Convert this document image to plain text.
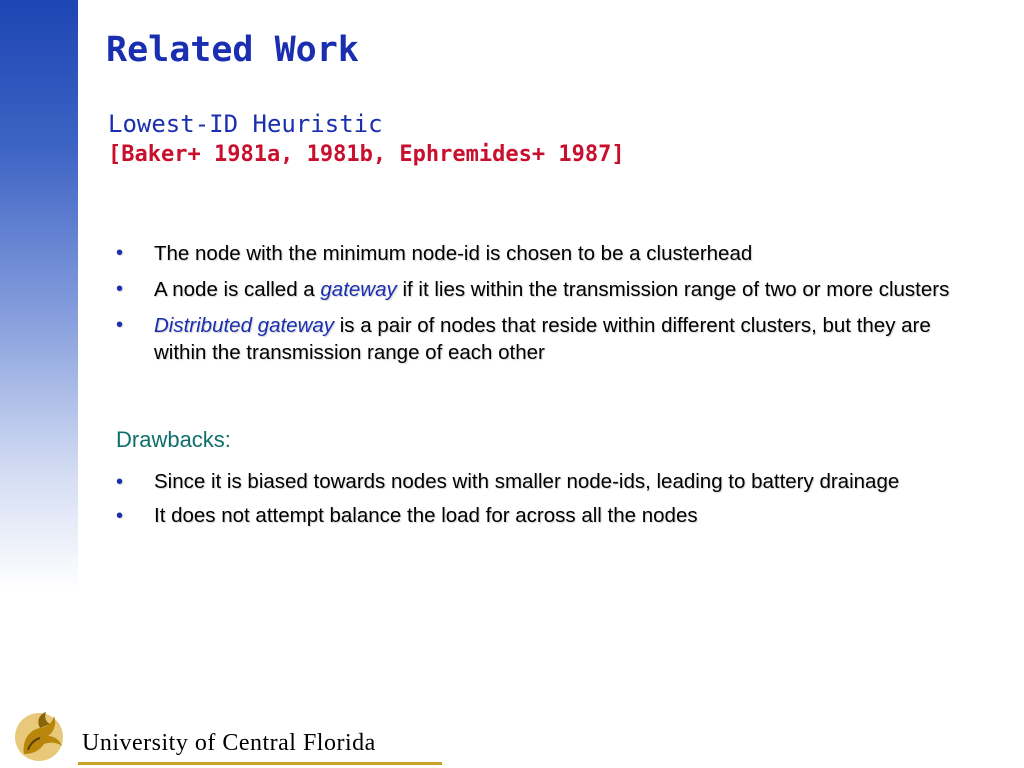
Related Work

Lowest-ID Heuristic

[Baker+ 1981a, 1981b, Ephremides+ 1987]

• The node with the minimum node-id is chosen to be a clusterhead
• A node is called a gateway if it lies within the transmission range of two or more clusters
• Distributed gateway is a pair of nodes that reside within different clusters, but they are within the transmission range of each other

Drawbacks:

• Since it is biased towards nodes with smaller node-ids, leading to battery drainage
• It does not attempt balance the load for across all the nodes

University of Central Florida
